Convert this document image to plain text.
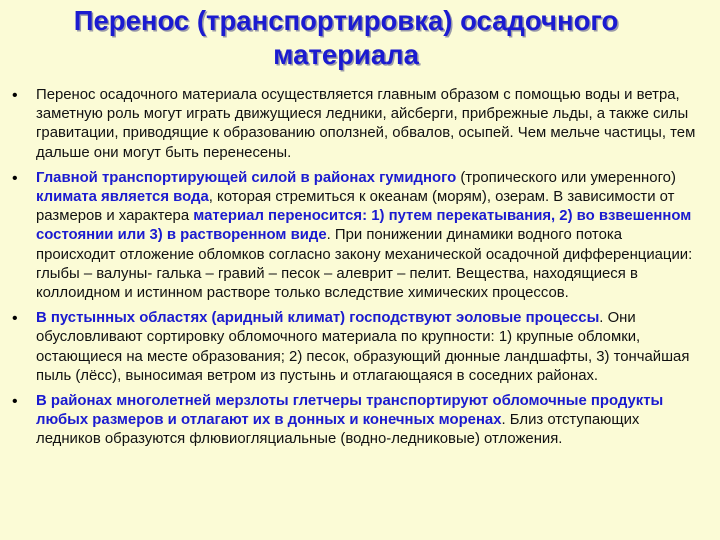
Перенос (транспортировка) осадочного материала
• Перенос осадочного материала осуществляется главным образом с помощью воды и ветра, заметную роль могут играть движущиеся ледники, айсберги, прибрежные льды, а также силы гравитации, приводящие к образованию оползней, обвалов, осыпей. Чем мельче частицы, тем дальше они могут быть перенесены.
• Главной транспортирующей силой в районах гумидного (тропического или умеренного) климата является вода, которая стремиться к океанам (морям), озерам. В зависимости от размеров и характера материал переносится: 1) путем перекатывания, 2) во взвешенном состоянии или 3) в растворенном виде. При понижении динамики водного потока происходит отложение обломков согласно закону механической осадочной дифференциации: глыбы – валуны- галька – гравий – песок – алеврит – пелит. Вещества, находящиеся в коллоидном и истинном растворе только вследствие химических процессов.
• В пустынных областях (аридный климат) господствуют эоловые процессы. Они обусловливают сортировку обломочного материала по крупности: 1) крупные обломки, остающиеся на месте образования; 2) песок, образующий дюнные ландшафты, 3) тончайшая пыль (лёсс), выносимая ветром из пустынь и отлагающаяся в соседних районах.
• В районах многолетней мерзлоты глетчеры транспортируют обломочные продукты любых размеров и отлагают их в донных и конечных моренах. Близ отступающих ледников образуются флювиогляциальные (водно-ледниковые) отложения.
